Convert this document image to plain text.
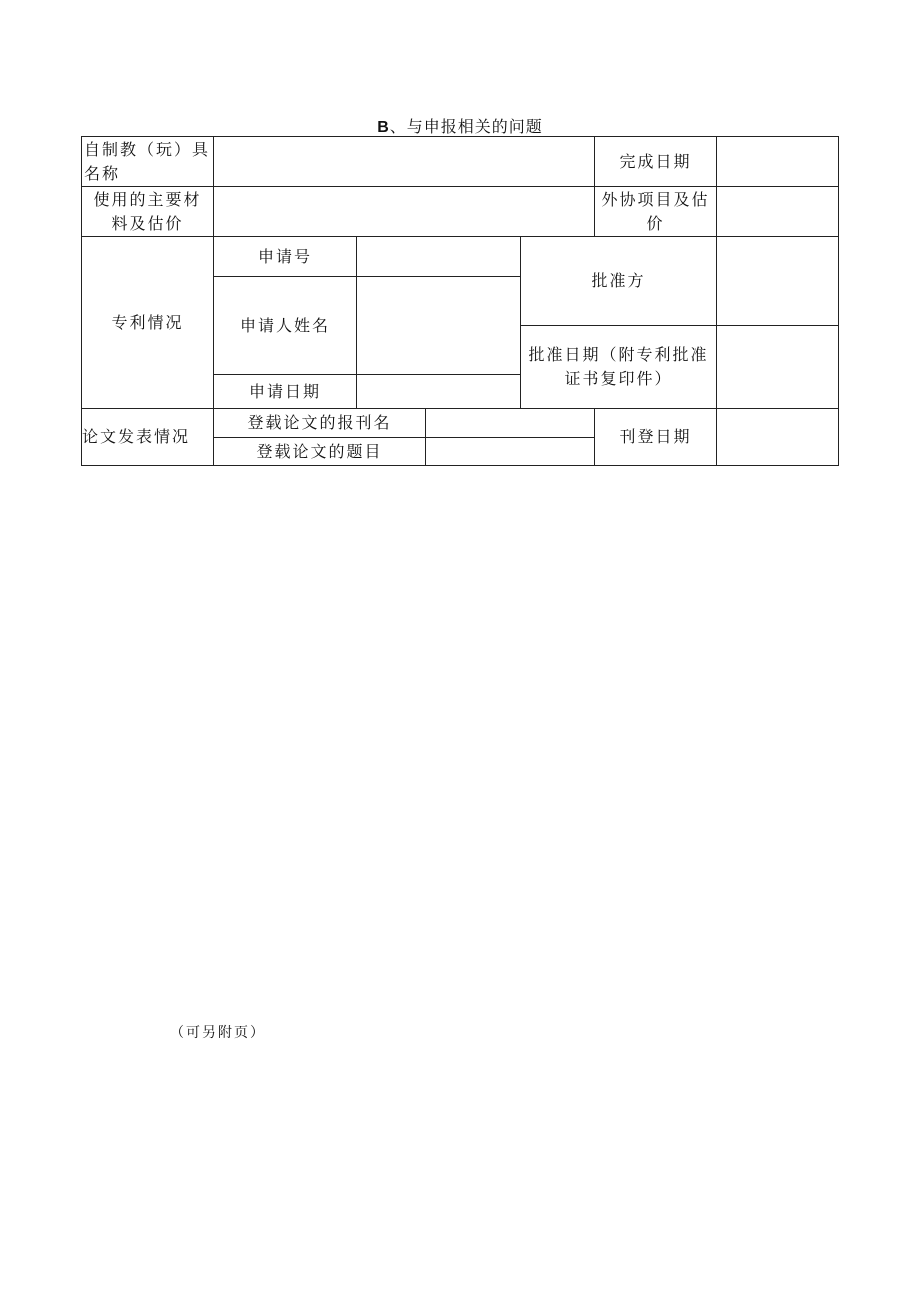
B、与申报相关的问题
自制教（玩）具名称
完成日期
使用的主要材料及估价
外协项目及估价
专利情况
申请号
申请人姓名
申请日期
批准方
批准日期（附专利批准证书复印件）
论文发表情况
登载论文的报刊名
登载论文的题目
刊登日期
（可另附页）
